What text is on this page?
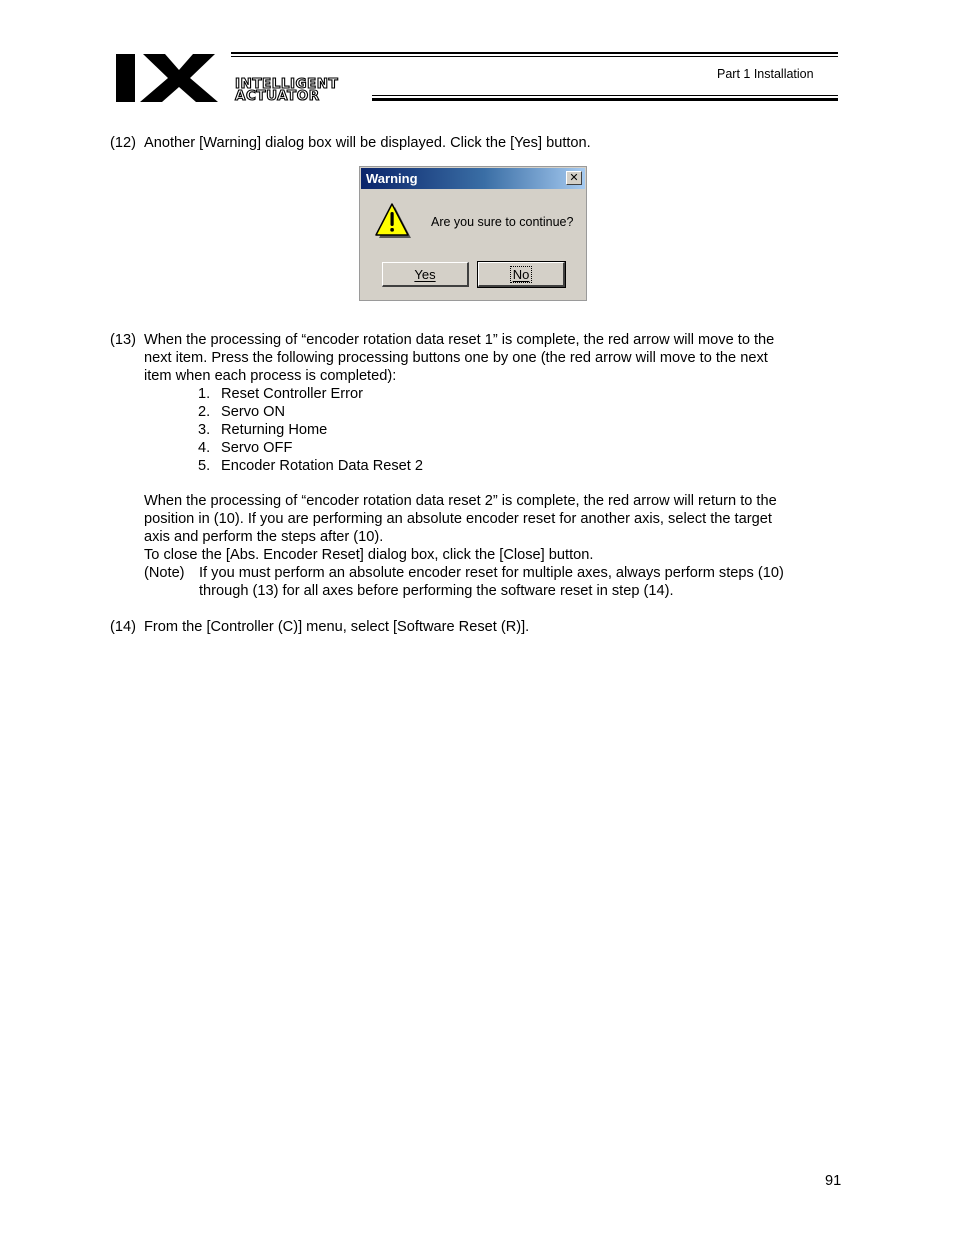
INTELLIGENT
ACTUATOR
Part 1 Installation
(12) Another [Warning] dialog box will be displayed. Click the [Yes] button.
Warning	✕
Are you sure to continue?
Yes	No
(13) When the processing of “encoder rotation data reset 1” is complete, the red arrow will move to the
next item. Press the following processing buttons one by one (the red arrow will move to the next
item when each process is completed):
1. Reset Controller Error
2. Servo ON
3. Returning Home
4. Servo OFF
5. Encoder Rotation Data Reset 2
When the processing of “encoder rotation data reset 2” is complete, the red arrow will return to the
position in (10). If you are performing an absolute encoder reset for another axis, select the target
axis and perform the steps after (10).
To close the [Abs. Encoder Reset] dialog box, click the [Close] button.
(Note) If you must perform an absolute encoder reset for multiple axes, always perform steps (10)
through (13) for all axes before performing the software reset in step (14).
(14) From the [Controller (C)] menu, select [Software Reset (R)].
91
